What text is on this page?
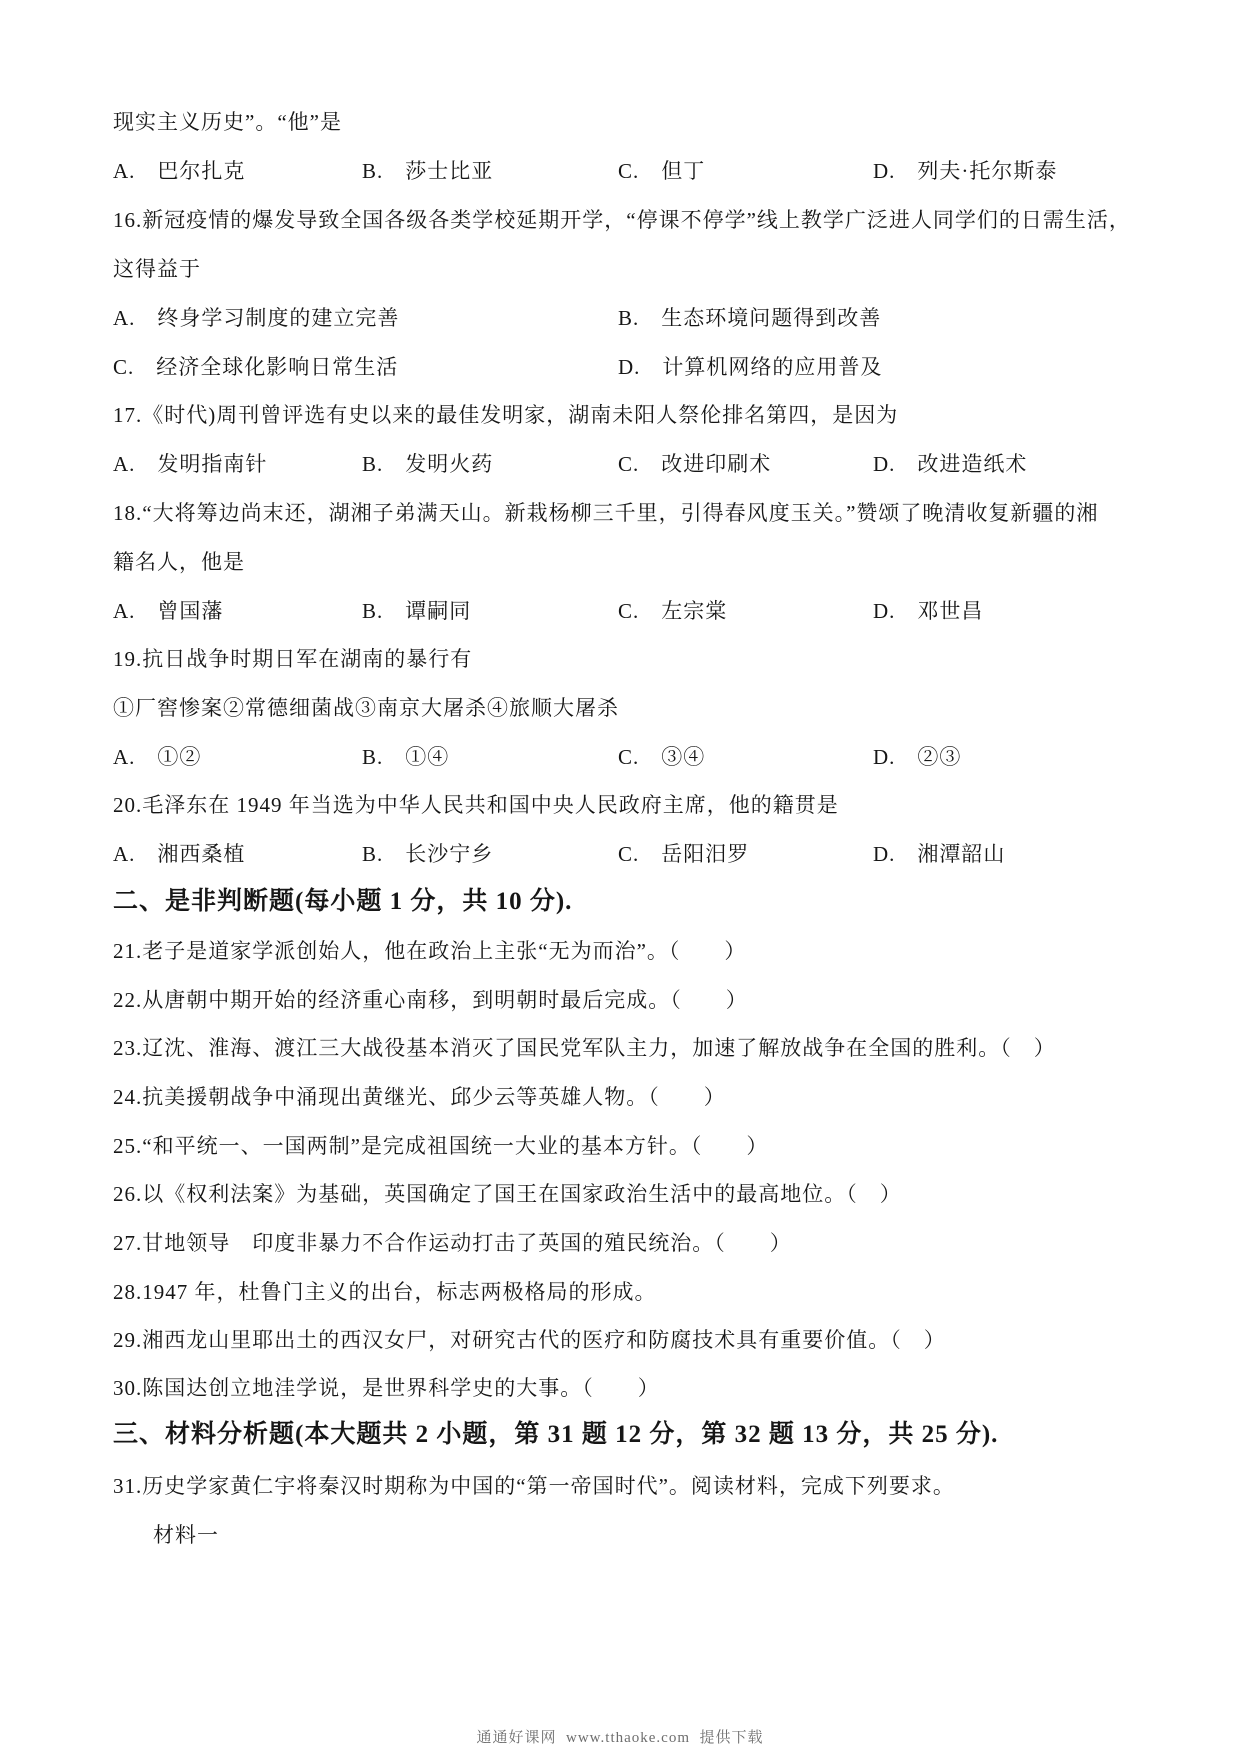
现实主义历史”。“他”是

A.　巴尔扎克

	B.　莎士比亚

	C.　但丁

	D.　列夫·托尔斯泰

16.新冠疫情的爆发导致全国各级各类学校延期开学，“停课不停学”线上教学广泛进人同学们的日需生活，
这得益于

A.　终身学习制度的建立完善

	B.　生态环境问题得到改善

C.　经济全球化影响日常生活

	D.　计算机网络的应用普及

17.《时代)周刊曾评选有史以来的最佳发明家，湖南未阳人祭伦排名第四，是因为

A.　发明指南针

	B.　发明火药

	C.　改进印刷术

	D.　改进造纸术

18.“大将筹边尚末还，湖湘子弟满天山。新栽杨柳三千里，引得春风度玉关。”赞颂了晚清收复新疆的湘
籍名人，他是

A.　曾国藩

	B.　谭嗣同

	C.　左宗棠

	D.　邓世昌

19.抗日战争时期日军在湖南的暴行有
①厂窖惨案②常德细菌战③南京大屠杀④旅顺大屠杀

A.　①②

	B.　①④

	C.　③④

	D.　②③

20.毛泽东在 1949 年当选为中华人民共和国中央人民政府主席，他的籍贯是

A.　湘西桑植

	B.　长沙宁乡

	C.　岳阳汨罗

	D.　湘潭韶山

二、是非判断题(每小题 1 分，共 10 分).
21.老子是道家学派创始人，他在政治上主张“无为而治”。（　　）
22.从唐朝中期开始的经济重心南移，到明朝时最后完成。（　　）
23.辽沈、淮海、渡江三大战役基本消灭了国民党军队主力，加速了解放战争在全国的胜利。（　）
24.抗美援朝战争中涌现出黄继光、邱少云等英雄人物。（　　）
25.“和平统一、一国两制”是完成祖国统一大业的基本方针。（　　）
26.以《权利法案》为基础，英国确定了国王在国家政治生活中的最高地位。（　）
27.甘地领导　印度非暴力不合作运动打击了英国的殖民统治。（　　）
28.1947 年，杜鲁门主义的出台，标志两极格局的形成。
29.湘西龙山里耶出土的西汉女尸，对研究古代的医疗和防腐技术具有重要价值。（　）
30.陈国达创立地洼学说，是世界科学史的大事。（　　）
三、材料分析题(本大题共 2 小题，第 31 题 12 分，第 32 题 13 分，共 25 分).
31.历史学家黄仁宇将秦汉时期称为中国的“第一帝国时代”。阅读材料，完成下列要求。
材料一
通通好课网  www.tthaoke.com  提供下载
